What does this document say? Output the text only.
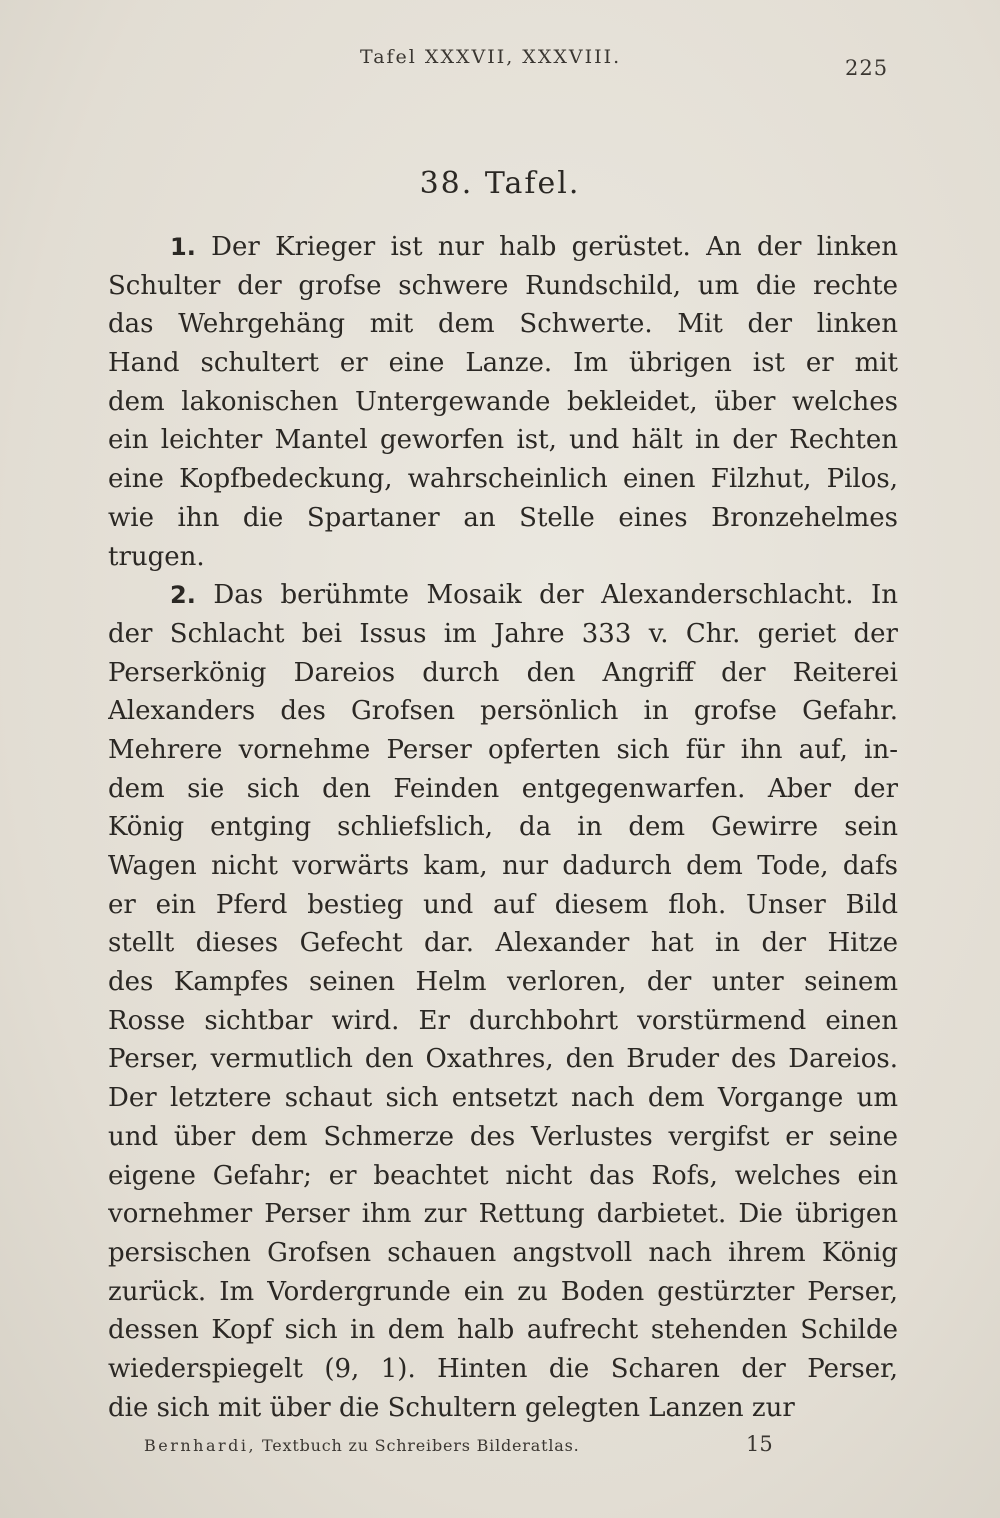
Tafel XXXVII, XXXVIII.	225
38. Tafel.
1. Der Krieger ist nur halb gerüstet. An der linken
Schulter der grofse schwere Rundschild, um die rechte
das Wehrgehäng mit dem Schwerte. Mit der linken
Hand schultert er eine Lanze. Im übrigen ist er mit
dem lakonischen Untergewande bekleidet, über welches
ein leichter Mantel geworfen ist, und hält in der Rechten
eine Kopfbedeckung, wahrscheinlich einen Filzhut, Pilos,
wie ihn die Spartaner an Stelle eines Bronzehelmes
trugen.
2. Das berühmte Mosaik der Alexanderschlacht. In
der Schlacht bei Issus im Jahre 333 v. Chr. geriet der
Perserkönig Dareios durch den Angriff der Reiterei
Alexanders des Grofsen persönlich in grofse Gefahr.
Mehrere vornehme Perser opferten sich für ihn auf, in-
dem sie sich den Feinden entgegenwarfen. Aber der
König entging schliefslich, da in dem Gewirre sein
Wagen nicht vorwärts kam, nur dadurch dem Tode, dafs
er ein Pferd bestieg und auf diesem floh. Unser Bild
stellt dieses Gefecht dar. Alexander hat in der Hitze
des Kampfes seinen Helm verloren, der unter seinem
Rosse sichtbar wird. Er durchbohrt vorstürmend einen
Perser, vermutlich den Oxathres, den Bruder des Dareios.
Der letztere schaut sich entsetzt nach dem Vorgange um
und über dem Schmerze des Verlustes vergifst er seine
eigene Gefahr; er beachtet nicht das Rofs, welches ein
vornehmer Perser ihm zur Rettung darbietet. Die übrigen
persischen Grofsen schauen angstvoll nach ihrem König
zurück. Im Vordergrunde ein zu Boden gestürzter Perser,
dessen Kopf sich in dem halb aufrecht stehenden Schilde
wiederspiegelt (9, 1). Hinten die Scharen der Perser,
die sich mit über die Schultern gelegten Lanzen zur
Bernhardi, Textbuch zu Schreibers Bilderatlas.	15
